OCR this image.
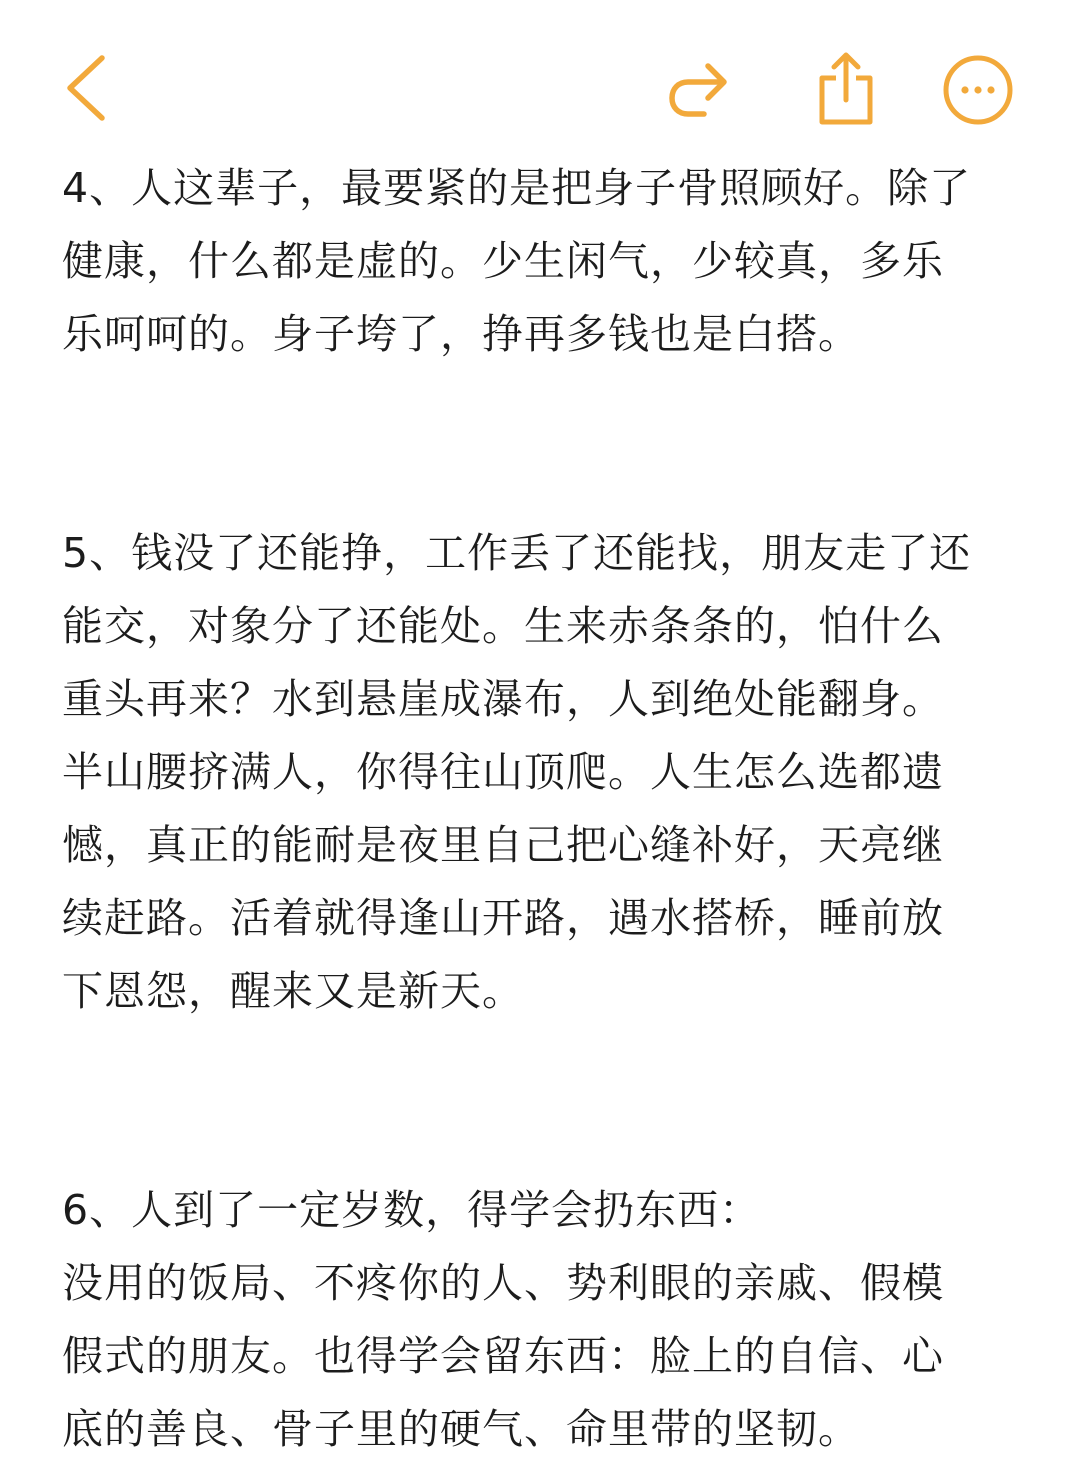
4、人这辈子，最要紧的是把身子骨照顾好。除了
健康，什么都是虚的。少生闲气，少较真，多乐
乐呵呵的。身子垮了，挣再多钱也是白搭。

5、钱没了还能挣，工作丢了还能找，朋友走了还
能交，对象分了还能处。生来赤条条的，怕什么
重头再来？水到悬崖成瀑布，人到绝处能翻身。
半山腰挤满人，你得往山顶爬。人生怎么选都遗
憾，真正的能耐是夜里自己把心缝补好，天亮继
续赶路。活着就得逢山开路，遇水搭桥，睡前放
下恩怨，醒来又是新天。

6、人到了一定岁数，得学会扔东西：
没用的饭局、不疼你的人、势利眼的亲戚、假模
假式的朋友。也得学会留东西：脸上的自信、心
底的善良、骨子里的硬气、命里带的坚韧。
